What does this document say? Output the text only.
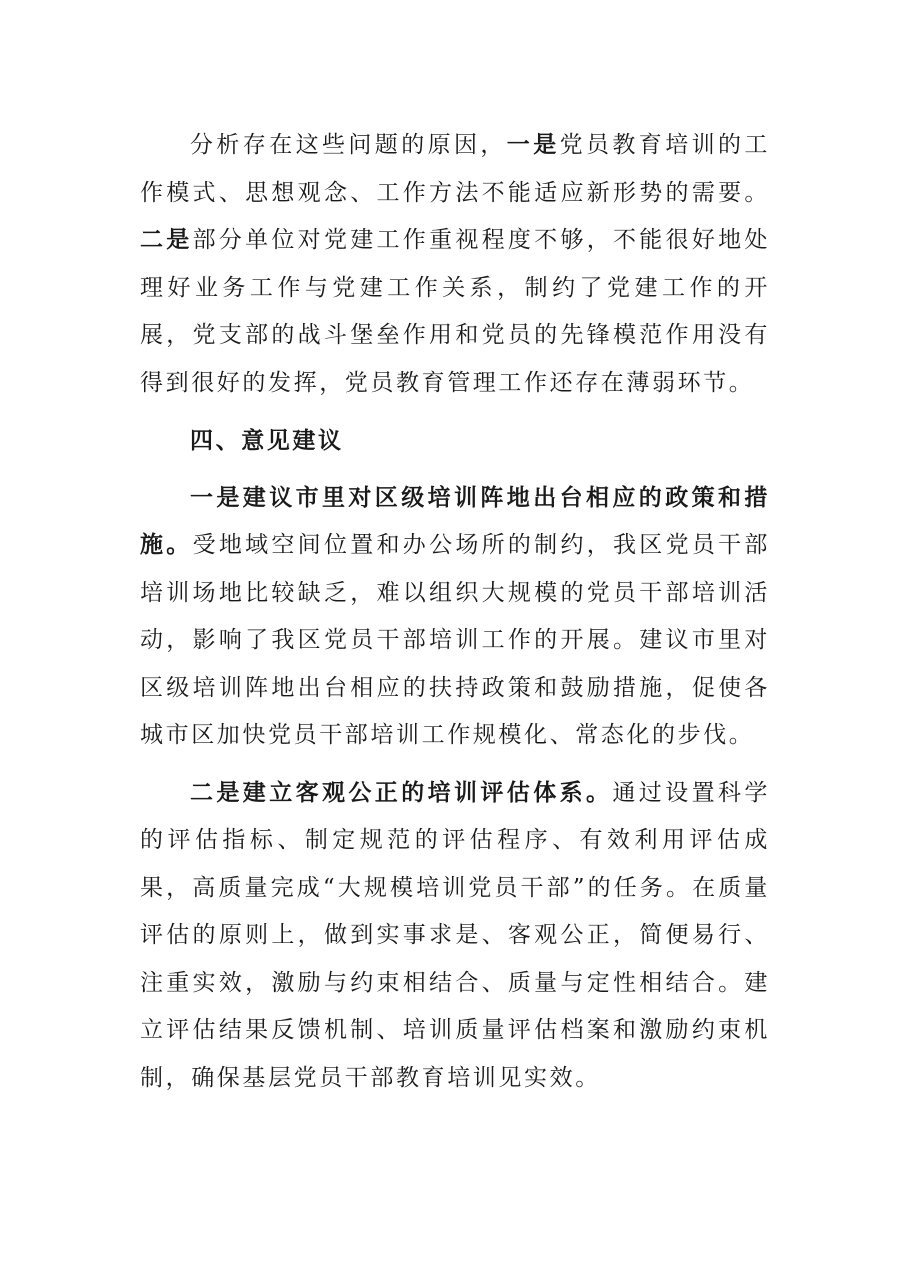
分析存在这些问题的原因，一是党员教育培训的工作模式、思想观念、工作方法不能适应新形势的需要。二是部分单位对党建工作重视程度不够，不能很好地处理好业务工作与党建工作关系，制约了党建工作的开展，党支部的战斗堡垒作用和党员的先锋模范作用没有得到很好的发挥，党员教育管理工作还存在薄弱环节。

四、意见建议

一是建议市里对区级培训阵地出台相应的政策和措施。受地域空间位置和办公场所的制约，我区党员干部培训场地比较缺乏，难以组织大规模的党员干部培训活动，影响了我区党员干部培训工作的开展。建议市里对区级培训阵地出台相应的扶持政策和鼓励措施，促使各城市区加快党员干部培训工作规模化、常态化的步伐。

二是建立客观公正的培训评估体系。通过设置科学的评估指标、制定规范的评估程序、有效利用评估成果，高质量完成“大规模培训党员干部”的任务。在质量评估的原则上，做到实事求是、客观公正，简便易行、注重实效，激励与约束相结合、质量与定性相结合。建立评估结果反馈机制、培训质量评估档案和激励约束机制，确保基层党员干部教育培训见实效。
